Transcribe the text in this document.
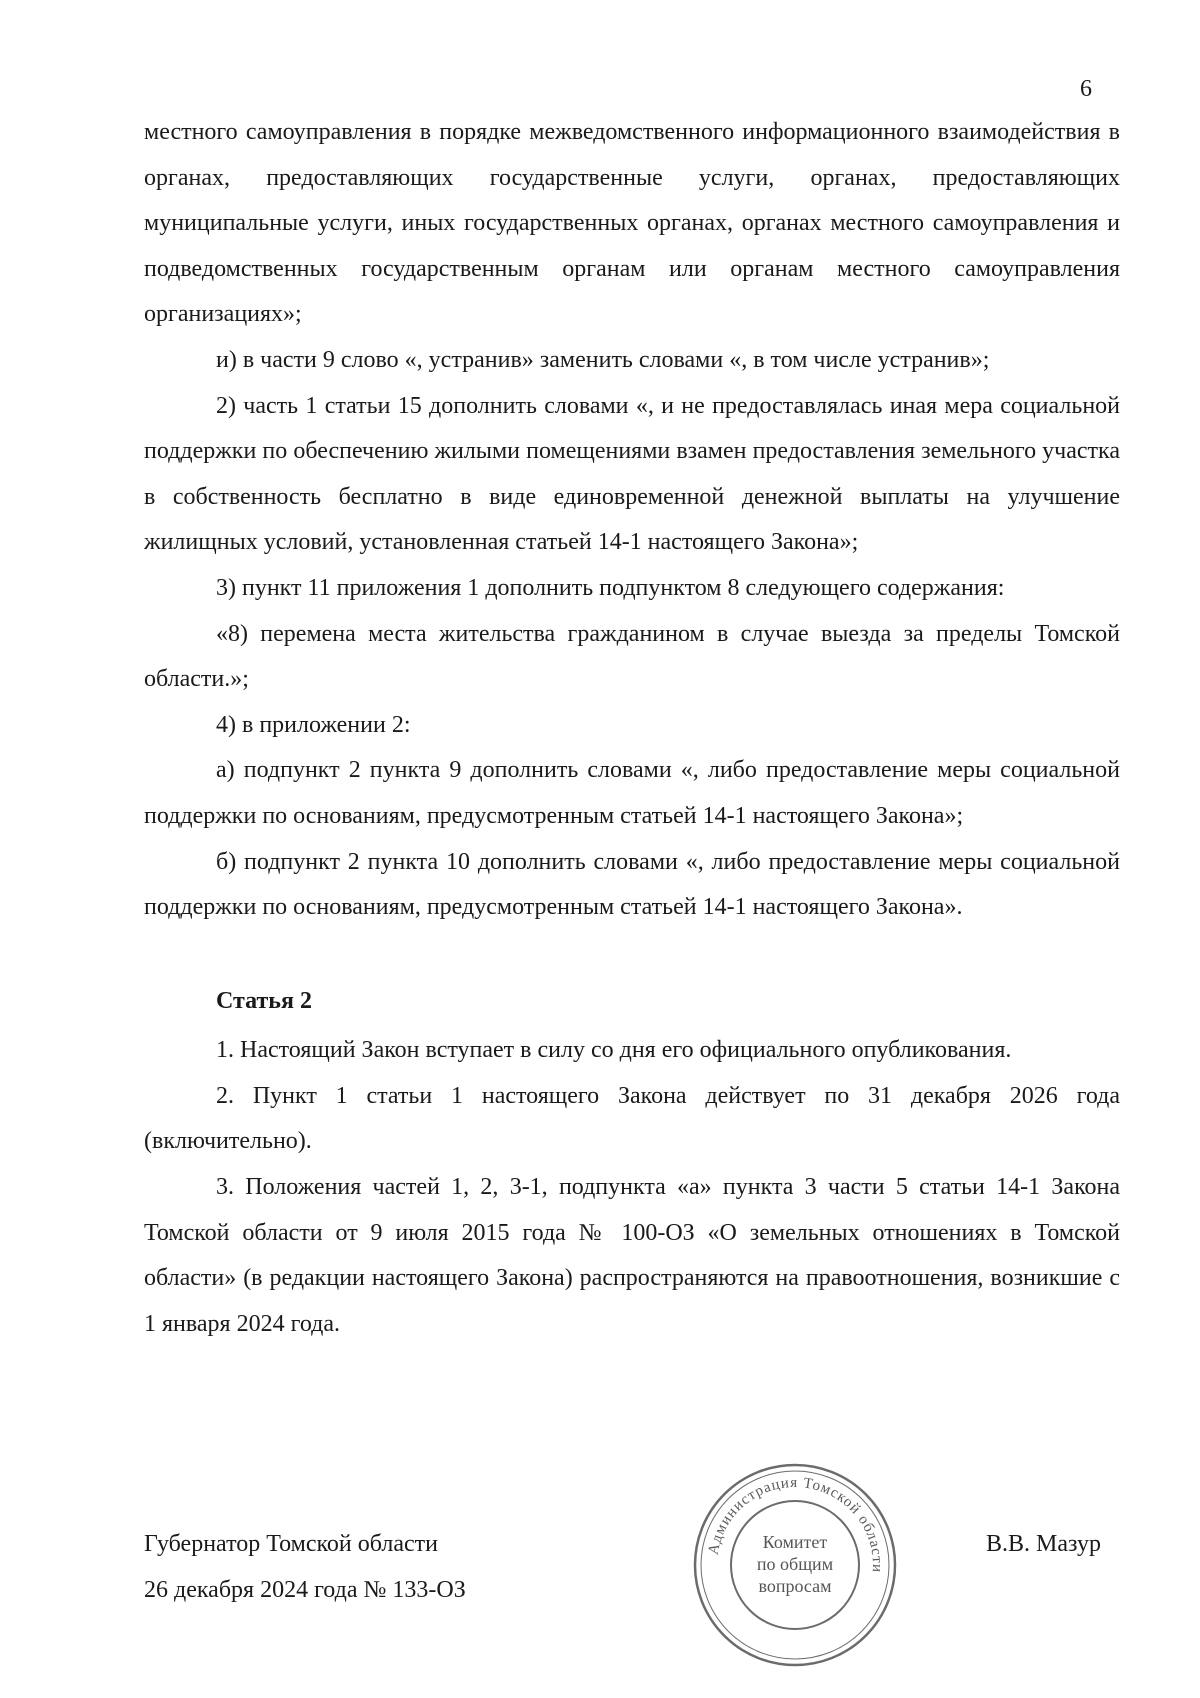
6

местного самоуправления в порядке межведомственного информационного взаимодействия в органах, предоставляющих государственные услуги, органах, предоставляющих муниципальные услуги, иных государственных органах, органах местного самоуправления и подведомственных государственным органам или органам местного самоуправления организациях»;

и) в части 9 слово «, устранив» заменить словами «, в том числе устранив»;

2) часть 1 статьи 15 дополнить словами «, и не предоставлялась иная мера социальной поддержки по обеспечению жилыми помещениями взамен предоставления земельного участка в собственность бесплатно в виде единовременной денежной выплаты на улучшение жилищных условий, установленная статьей 14-1 настоящего Закона»;

3) пункт 11 приложения 1 дополнить подпунктом 8 следующего содержания:

«8) перемена места жительства гражданином в случае выезда за пределы Томской области.»;

4) в приложении 2:

а) подпункт 2 пункта 9 дополнить словами «, либо предоставление меры социальной поддержки по основаниям, предусмотренным статьей 14-1 настоящего Закона»;

б) подпункт 2 пункта 10 дополнить словами «, либо предоставление меры социальной поддержки по основаниям, предусмотренным статьей 14-1 настоящего Закона».

Статья 2

1. Настоящий Закон вступает в силу со дня его официального опубликования.

2. Пункт 1 статьи 1 настоящего Закона действует по 31 декабря 2026 года (включительно).

3. Положения частей 1, 2, 3-1, подпункта «а» пункта 3 части 5 статьи 14-1 Закона Томской области от 9 июля 2015 года № 100-ОЗ «О земельных отношениях в Томской области» (в редакции настоящего Закона) распространяются на правоотношения, возникшие с 1 января 2024 года.

Губернатор Томской области
26 декабря 2024 года № 133-ОЗ
В.В. Мазур
Администрация Томской области
Комитет
по общим
вопросам
